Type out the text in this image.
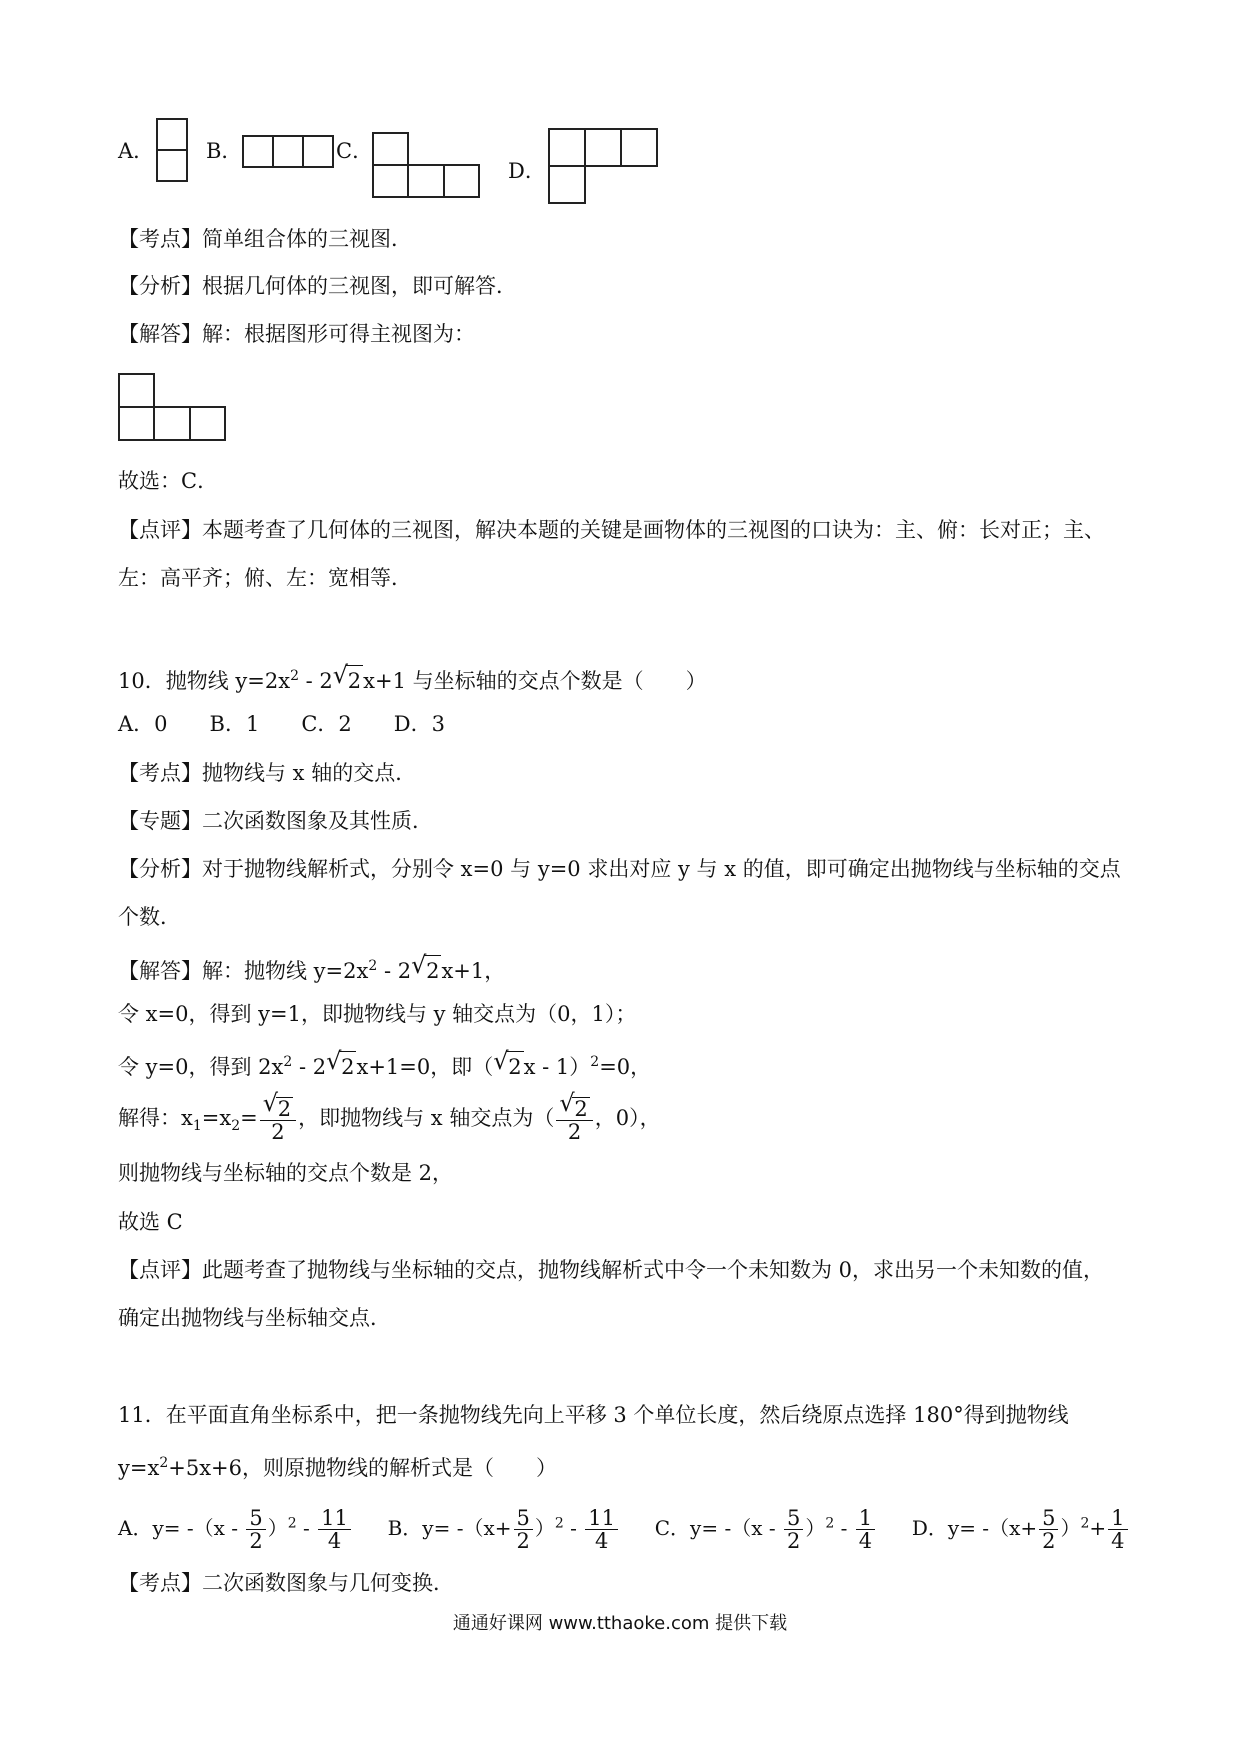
A． B．	C．
D．
【考点】简单组合体的三视图．
【分析】根据几何体的三视图，即可解答．
【解答】解：根据图形可得主视图为：
故选：C．
【点评】本题考查了几何体的三视图，解决本题的关键是画物体的三视图的口诀为：主、俯：长对正；主、
左：高平齐；俯、左：宽相等．
10．抛物线 $y=2x^2 - 2√$ 2x+1 与坐标轴的交点个数是（　　）
A．0　　B．1　　C．2　　D．3
【考点】抛物线与 x 轴的交点．
【专题】二次函数图象及其性质．
【分析】对于抛物线解析式，分别令 x=0 与 y=0 求出对应 y 与 x 的值，即可确定出抛物线与坐标轴的交点
个数．
【解答】解：抛物线 $y=2x^2 - 2√$ 2x+1，
令 x=0，得到 y=1，即抛物线与 y 轴交点为（0，1）；
令 y=0，得到 $2x^2 - 2√$ 2x+1=0，即（√ 2x - 1）$^2$=0，
解得：$x_1=x_2=$
√ $\frac{2}{2}$ ，即抛物线与 x 轴交点为（
√ $\frac{2}{2}$ ，0），
则抛物线与坐标轴的交点个数是 2，
故选 C
【点评】此题考查了抛物线与坐标轴的交点，抛物线解析式中令一个未知数为 0，求出另一个未知数的值，
确定出抛物线与坐标轴交点．
11．在平面直角坐标系中，把一条抛物线先向上平移 3 个单位长度，然后绕原点选择 180°得到抛物线
$y=x^2+5x+6$，则原抛物线的解析式是（　　）
A．$y= -(x - \frac{5}{2} )^2 - \frac{11}{4}$ B．$y= -(x+ \frac{5}{2} )^2 - \frac{11}{4}$ C．$y= -(x - \frac{5}{2} )^2 - \frac{1}{4}$ D．$y= -(x+ \frac{5}{2} )^2+ \frac{1}{4}$
【考点】二次函数图象与几何变换．
通通好课网 www.tthaoke.com 提供下载
